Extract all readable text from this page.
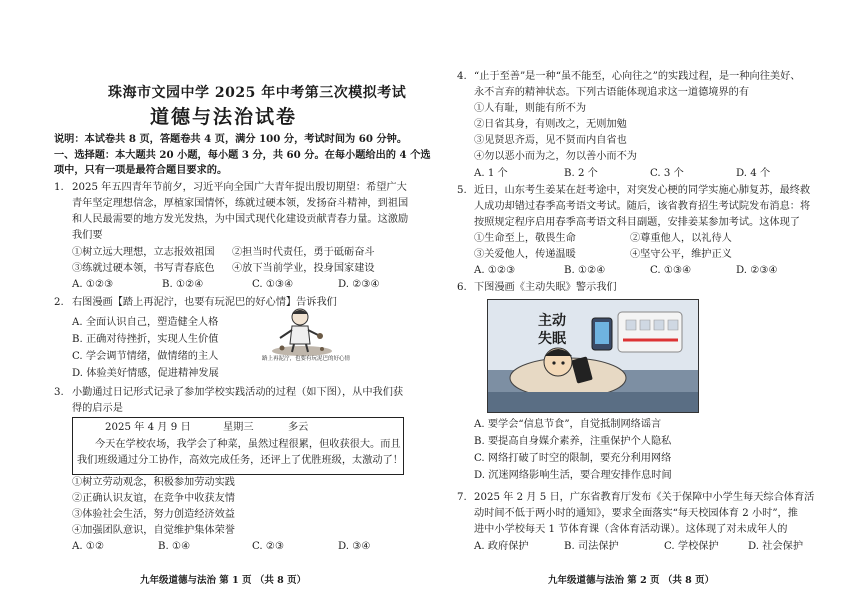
珠海市文园中学 2025 年中考第三次模拟考试
道德与法治试卷
说明：本试卷共 8 页，答题卷共 4 页，满分 100 分，考试时间为 60 分钟。
一、选择题：本大题共 20 小题，每小题 3 分，共 60 分。在每小题给出的 4 个选
项中，只有一项是最符合题目要求的。
1. 2025 年五四青年节前夕，习近平向全国广大青年提出殷切期望：希望广大
青年坚定理想信念，厚植家国情怀，练就过硬本领，发扬奋斗精神，到祖国
和人民最需要的地方发光发热，为中国式现代化建设贡献青春力量。这激励
我们要
①树立远大理想，立志报效祖国 ②担当时代责任，勇于砥砺奋斗
③练就过硬本领，书写青春底色 ④放下当前学业，投身国家建设
A. ①②③	B. ①②④	C. ①③④	D. ②③④
2. 右图漫画【踏上再泥泞，也要有玩泥巴的好心情】告诉我们
A. 全面认识自己，塑造健全人格
B. 正确对待挫折，实现人生价值
C. 学会调节情绪，做情绪的主人
D. 体验美好情感，促进精神发展
路上再泥泞，也要有玩泥巴的好心情
3. 小勤通过日记形式记录了参加学校实践活动的过程（如下图），从中我们获
得的启示是
2025 年 4 月 9 日	星期三	多云
今天在学校农场，我学会了种菜，虽然过程很累，但收获很大。而且
我们班级通过分工协作，高效完成任务，还评上了优胜班级，太激动了！
①树立劳动观念，积极参加劳动实践
②正确认识友谊，在竞争中收获友情
③体验社会生活，努力创造经济效益
④加强团队意识，自觉维护集体荣誉
A. ①②	B. ①④	C. ②③	D. ③④
九年级道德与法治 第 1 页 （共 8 页）
4. “止于至善”是一种“虽不能至，心向往之”的实践过程，是一种向往美好、
永不言弃的精神状态。下列古语能体现追求这一道德境界的有
①人有耻，则能有所不为
②日省其身，有则改之，无则加勉
③见贤思齐焉，见不贤而内自省也
④勿以恶小而为之，勿以善小而不为
A. 1 个	B. 2 个	C. 3 个	D. 4 个
5. 近日，山东考生姜某在赶考途中，对突发心梗的同学实施心肺复苏，最终救
人成功却错过春季高考语文考试。随后，该省教育招生考试院发布消息：将
按照规定程序启用春季高考语文科目副题，安排姜某参加考试。这体现了
①生命至上，敬畏生命	②尊重他人，以礼待人
③关爱他人，传递温暖	④坚守公平，维护正义
A. ①②③	B. ①②④	C. ①③④	D. ②③④
6. 下图漫画《主动失眠》警示我们
A. 要学会“信息节食”，自觉抵制网络谣言
B. 要提高自身媒介素养，注重保护个人隐私
C. 网络打破了时空的限制，要充分利用网络
D. 沉迷网络影响生活，要合理安排作息时间
7. 2025 年 2 月 5 日，广东省教育厅发布《关于保障中小学生每天综合体育活
动时间不低于两小时的通知》，要求全面落实“每天校园体育 2 小时”，推
进中小学校每天 1 节体育课（含体育活动课）。这体现了对未成年人的
A. 政府保护	B. 司法保护	C. 学校保护	D. 社会保护
九年级道德与法治 第 2 页 （共 8 页）
主动
失眠
